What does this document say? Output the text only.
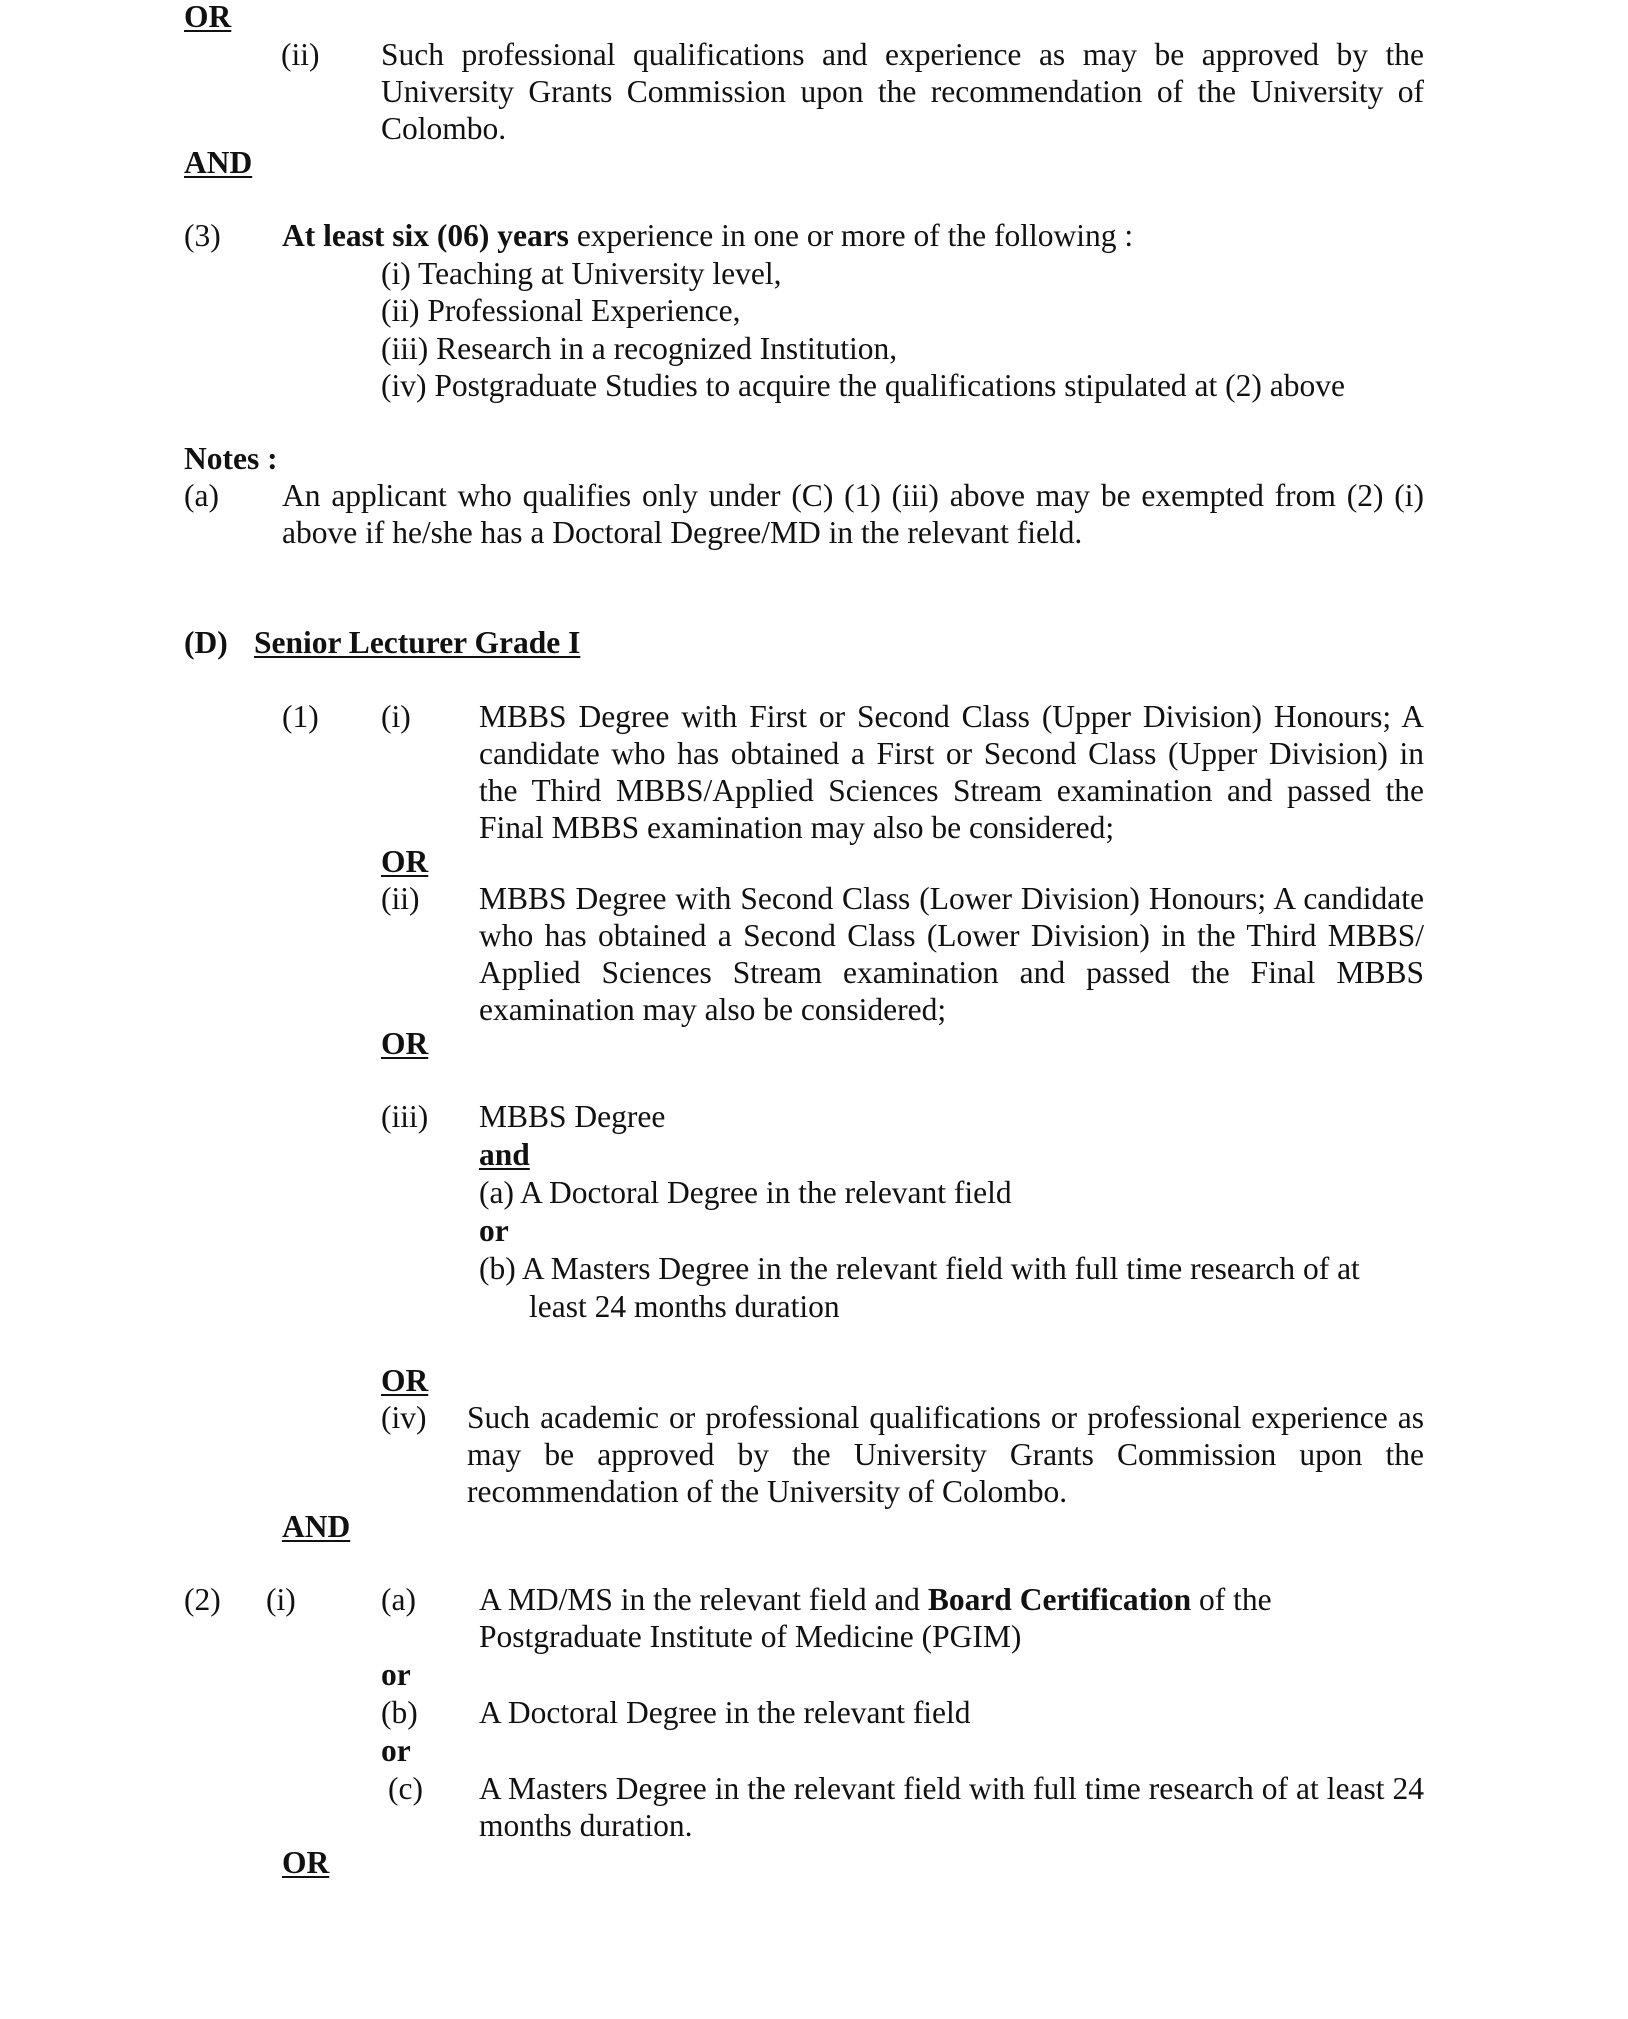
OR
(ii) Such professional qualifications and experience as may be approved by the University Grants Commission upon the recommendation of the University of Colombo.
AND
(3) At least six (06) years experience in one or more of the following :
(i) Teaching at University level,
(ii) Professional Experience,
(iii) Research in a recognized Institution,
(iv) Postgraduate Studies to acquire the qualifications stipulated at (2) above
Notes :
(a) An applicant who qualifies only under (C) (1) (iii) above may be exempted from (2) (i) above if he/she has a Doctoral Degree/MD in the relevant field.
(D) Senior Lecturer Grade I
(1) (i) MBBS Degree with First or Second Class (Upper Division) Honours; A candidate who has obtained a First or Second Class (Upper Division) in the Third MBBS/Applied Sciences Stream examination and passed the Final MBBS examination may also be considered;
OR
(ii) MBBS Degree with Second Class (Lower Division) Honours; A candidate who has obtained a Second Class (Lower Division) in the Third MBBS/ Applied Sciences Stream examination and passed the Final MBBS examination may also be considered;
OR
(iii) MBBS Degree
and
(a) A Doctoral Degree in the relevant field
or
(b) A Masters Degree in the relevant field with full time research of at
least 24 months duration
OR
(iv) Such academic or professional qualifications or professional experience as may be approved by the University Grants Commission upon the recommendation of the University of Colombo.
AND
(2) (i)	(a) A MD/MS in the relevant field and Board Certification of the
Postgraduate Institute of Medicine (PGIM)
or
(b) A Doctoral Degree in the relevant field
or
(c) A Masters Degree in the relevant field with full time research of at least 24 months duration.
OR
